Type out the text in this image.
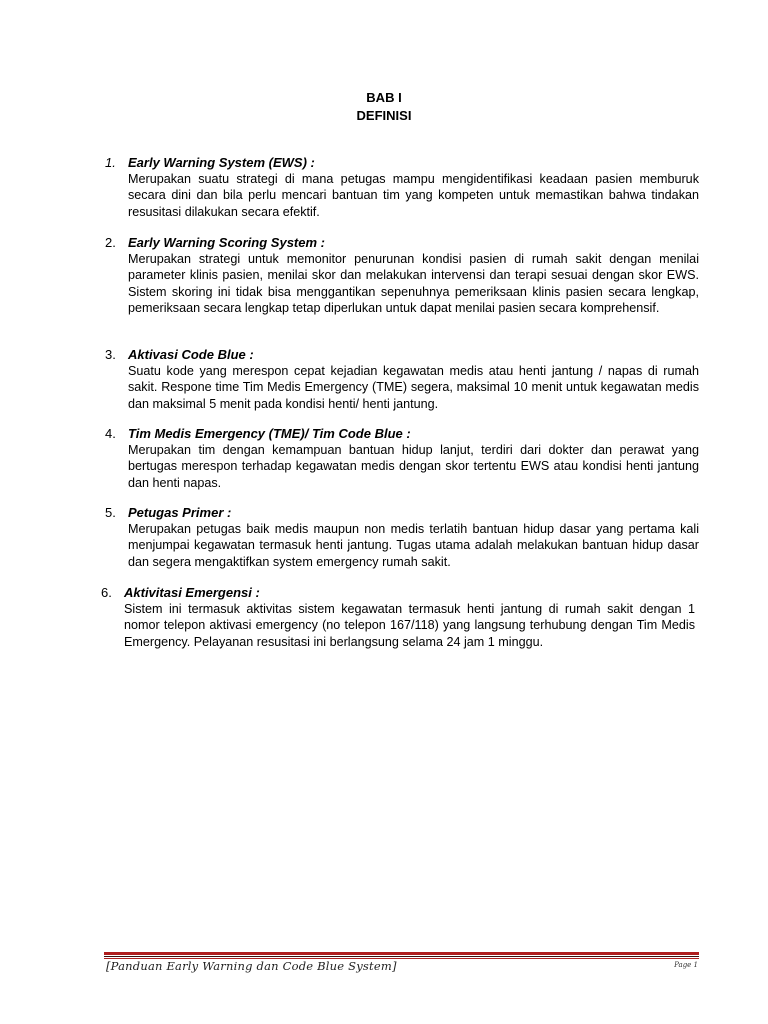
BAB I
DEFINISI
1. Early Warning System (EWS) :
Merupakan suatu strategi di mana petugas mampu mengidentifikasi keadaan pasien memburuk secara dini dan bila perlu mencari bantuan tim yang kompeten untuk memastikan bahwa tindakan resusitasi dilakukan secara efektif.
2. Early Warning Scoring System :
Merupakan strategi untuk memonitor penurunan kondisi pasien di rumah sakit dengan menilai parameter klinis pasien, menilai skor dan melakukan intervensi dan terapi sesuai dengan skor EWS. Sistem skoring ini tidak bisa menggantikan sepenuhnya pemeriksaan klinis pasien secara lengkap, pemeriksaan secara lengkap tetap diperlukan untuk dapat menilai pasien secara komprehensif.
3. Aktivasi Code Blue :
Suatu kode yang merespon cepat kejadian kegawatan medis atau henti jantung / napas di rumah sakit. Respone time Tim Medis Emergency (TME) segera, maksimal 10 menit untuk kegawatan medis dan maksimal 5 menit pada kondisi henti/ henti jantung.
4. Tim Medis Emergency (TME)/ Tim Code Blue :
Merupakan tim dengan kemampuan bantuan hidup lanjut, terdiri dari dokter dan perawat yang bertugas merespon terhadap kegawatan medis dengan skor tertentu EWS atau kondisi henti jantung dan henti napas.
5. Petugas Primer :
Merupakan petugas baik medis maupun non medis terlatih bantuan hidup dasar yang pertama kali menjumpai kegawatan termasuk henti jantung. Tugas utama adalah melakukan bantuan hidup dasar dan segera mengaktifkan system emergency rumah sakit.
6. Aktivitasi Emergensi :
Sistem ini termasuk aktivitas sistem kegawatan termasuk henti jantung di rumah sakit dengan 1 nomor telepon aktivasi emergency (no telepon 167/118) yang langsung terhubung dengan Tim Medis Emergency. Pelayanan resusitasi ini berlangsung selama 24 jam 1 minggu.
[Panduan Early Warning dan Code Blue System]	Page 1
